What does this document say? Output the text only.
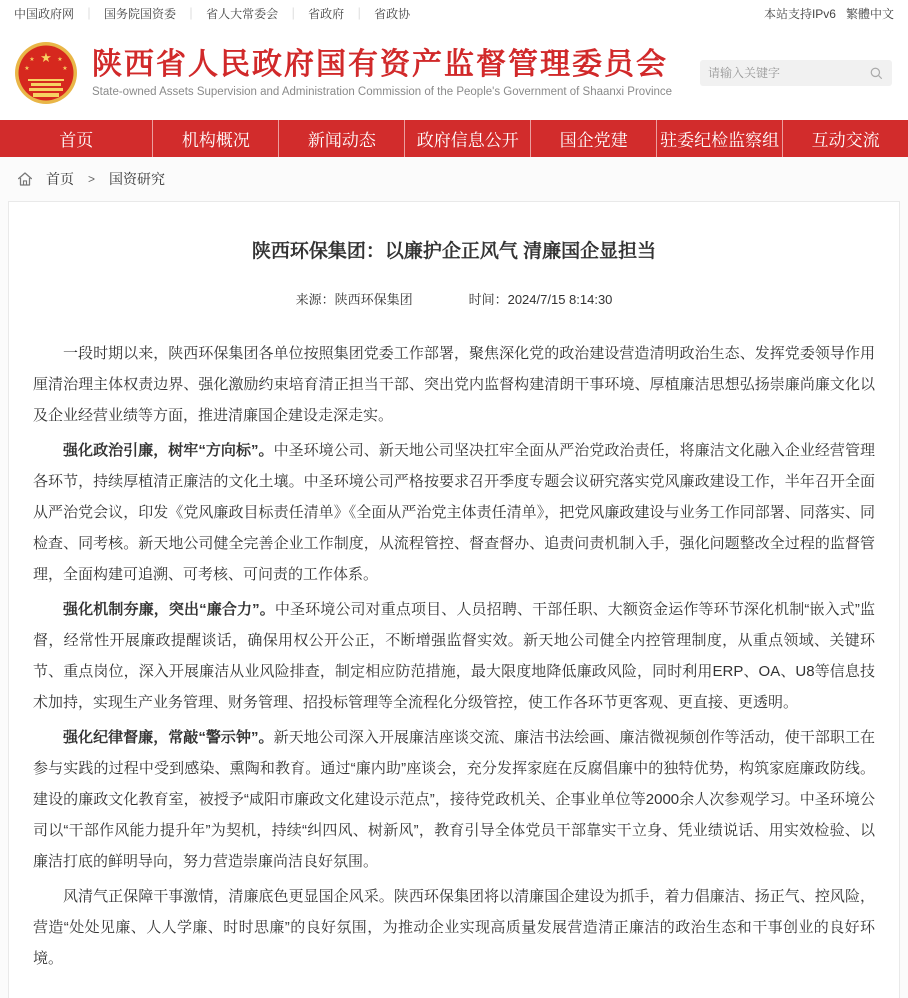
中国政府网	｜ 国务院国资委	｜ 省人大常委会	｜ 省政府	｜ 省政协	本站支持IPv6 繁體中文
★
★	★
★	★ 陕西省人民政府国有资产监督管理委员会
State-owned Assets Supervision and Administration Commission of the People's Government of Shaanxi Province
请输入关键字
首页	机构概况	新闻动态	政府信息公开	国企党建	驻委纪检监察组	互动交流
首页 > 国资研究
陕西环保集团：以廉护企正风气 清廉国企显担当
来源：陕西环保集团	时间：2024/7/15 8:14:30

一段时期以来，陕西环保集团各单位按照集团党委工作部署，聚焦深化党的政治建设营造清明政治生态、发挥党委领导作用厘清治理主体权责边界、强化激励约束培育清正担当干部、突出党内监督构建清朗干事环境、厚植廉洁思想弘扬崇廉尚廉文化以及企业经营业绩等方面，推进清廉国企建设走深走实。

强化政治引廉，树牢“方向标”。中圣环境公司、新天地公司坚决扛牢全面从严治党政治责任，将廉洁文化融入企业经营管理各环节，持续厚植清正廉洁的文化土壤。中圣环境公司严格按要求召开季度专题会议研究落实党风廉政建设工作，半年召开全面从严治党会议，印发《党风廉政目标责任清单》《全面从严治党主体责任清单》，把党风廉政建设与业务工作同部署、同落实、同检查、同考核。新天地公司健全完善企业工作制度，从流程管控、督查督办、追责问责机制入手，强化问题整改全过程的监督管理，全面构建可追溯、可考核、可问责的工作体系。

强化机制夯廉，突出“廉合力”。中圣环境公司对重点项目、人员招聘、干部任职、大额资金运作等环节深化机制“嵌入式”监督，经常性开展廉政提醒谈话，确保用权公开公正，不断增强监督实效。新天地公司健全内控管理制度，从重点领域、关键环节、重点岗位，深入开展廉洁从业风险排查，制定相应防范措施，最大限度地降低廉政风险，同时利用ERP、OA、U8等信息技术加持，实现生产业务管理、财务管理、招投标管理等全流程化分级管控，使工作各环节更客观、更直接、更透明。

强化纪律督廉，常敲“警示钟”。新天地公司深入开展廉洁座谈交流、廉洁书法绘画、廉洁微视频创作等活动，使干部职工在参与实践的过程中受到感染、熏陶和教育。通过“廉内助”座谈会，充分发挥家庭在反腐倡廉中的独特优势，构筑家庭廉政防线。建设的廉政文化教育室，被授予“咸阳市廉政文化建设示范点”，接待党政机关、企事业单位等2000余人次参观学习。中圣环境公司以“干部作风能力提升年”为契机，持续“纠四风、树新风”，教育引导全体党员干部靠实干立身、凭业绩说话、用实效检验、以廉洁打底的鲜明导向，努力营造崇廉尚洁良好氛围。

风清气正保障干事激情，清廉底色更显国企风采。陕西环保集团将以清廉国企建设为抓手，着力倡廉洁、扬正气、控风险，营造“处处见廉、人人学廉、时时思廉”的良好氛围，为推动企业实现高质量发展营造清正廉洁的政治生态和干事创业的良好环境。
